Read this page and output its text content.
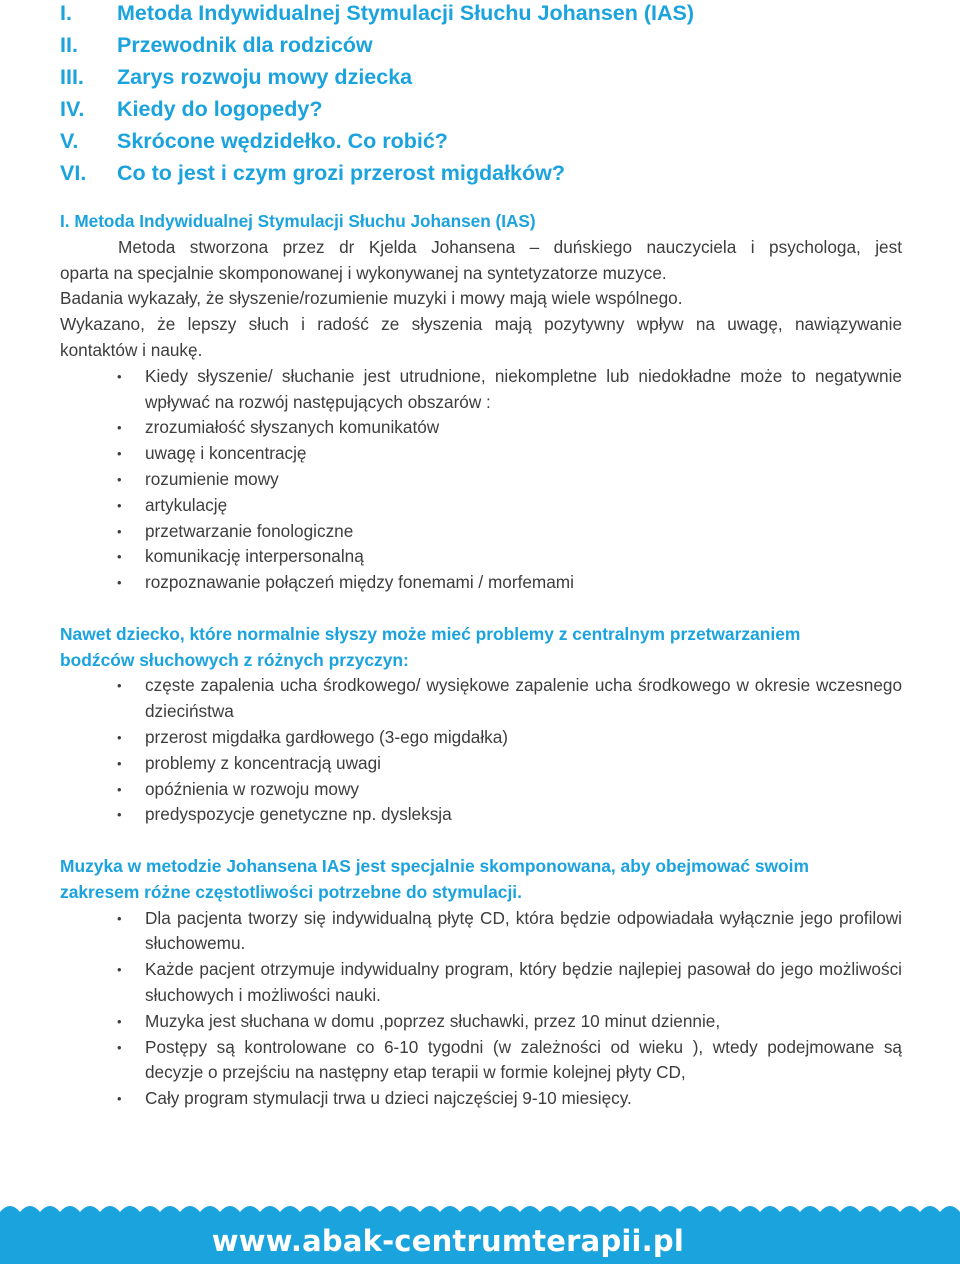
I.	Metoda Indywidualnej Stymulacji Słuchu Johansen (IAS)
II.	Przewodnik dla rodziców
III.	Zarys rozwoju mowy dziecka
IV.	Kiedy do logopedy?
V.	Skrócone wędzidełko. Co robić?
VI.	Co to jest i czym grozi przerost migdałków?
I. Metoda Indywidualnej Stymulacji Słuchu Johansen (IAS)
Metoda stworzona przez dr Kjelda Johansena – duńskiego nauczyciela i psychologa, jest
oparta na specjalnie skomponowanej i wykonywanej na syntetyzatorze muzyce.
Badania wykazały, że słyszenie/rozumienie muzyki i mowy mają wiele wspólnego.
Wykazano, że lepszy słuch i radość ze słyszenia mają pozytywny wpływ na uwagę, nawiązywanie
kontaktów i naukę.
• Kiedy słyszenie/ słuchanie jest utrudnione, niekompletne lub niedokładne może to negatywnie wpływać na rozwój następujących obszarów :
• zrozumiałość słyszanych komunikatów
• uwagę i koncentrację
• rozumienie mowy
• artykulację
• przetwarzanie fonologiczne
• komunikację interpersonalną
• rozpoznawanie połączeń między fonemami / morfemami
Nawet dziecko, które normalnie słyszy może mieć problemy z centralnym przetwarzaniem
bodźców słuchowych z różnych przyczyn:
• częste zapalenia ucha środkowego/ wysiękowe zapalenie ucha środkowego w okresie wczesnego dzieciństwa
• przerost migdałka gardłowego (3-ego migdałka)
• problemy z koncentracją uwagi
• opóźnienia w rozwoju mowy
• predyspozycje genetyczne np. dysleksja
Muzyka w metodzie Johansena IAS jest specjalnie skomponowana, aby obejmować swoim
zakresem różne częstotliwości potrzebne do stymulacji.
• Dla pacjenta tworzy się indywidualną płytę CD, która będzie odpowiadała wyłącznie jego profilowi słuchowemu.
• Każde pacjent otrzymuje indywidualny program, który będzie najlepiej pasował do jego możliwości słuchowych i możliwości nauki.
• Muzyka jest słuchana w domu ,poprzez słuchawki, przez 10 minut dziennie,
• Postępy są kontrolowane co 6-10 tygodni (w zależności od wieku ), wtedy podejmowane są decyzje o przejściu na następny etap terapii w formie kolejnej płyty CD,
• Cały program stymulacji trwa u dzieci najczęściej 9-10 miesięcy.
www.abak-centrumterapii.pl
